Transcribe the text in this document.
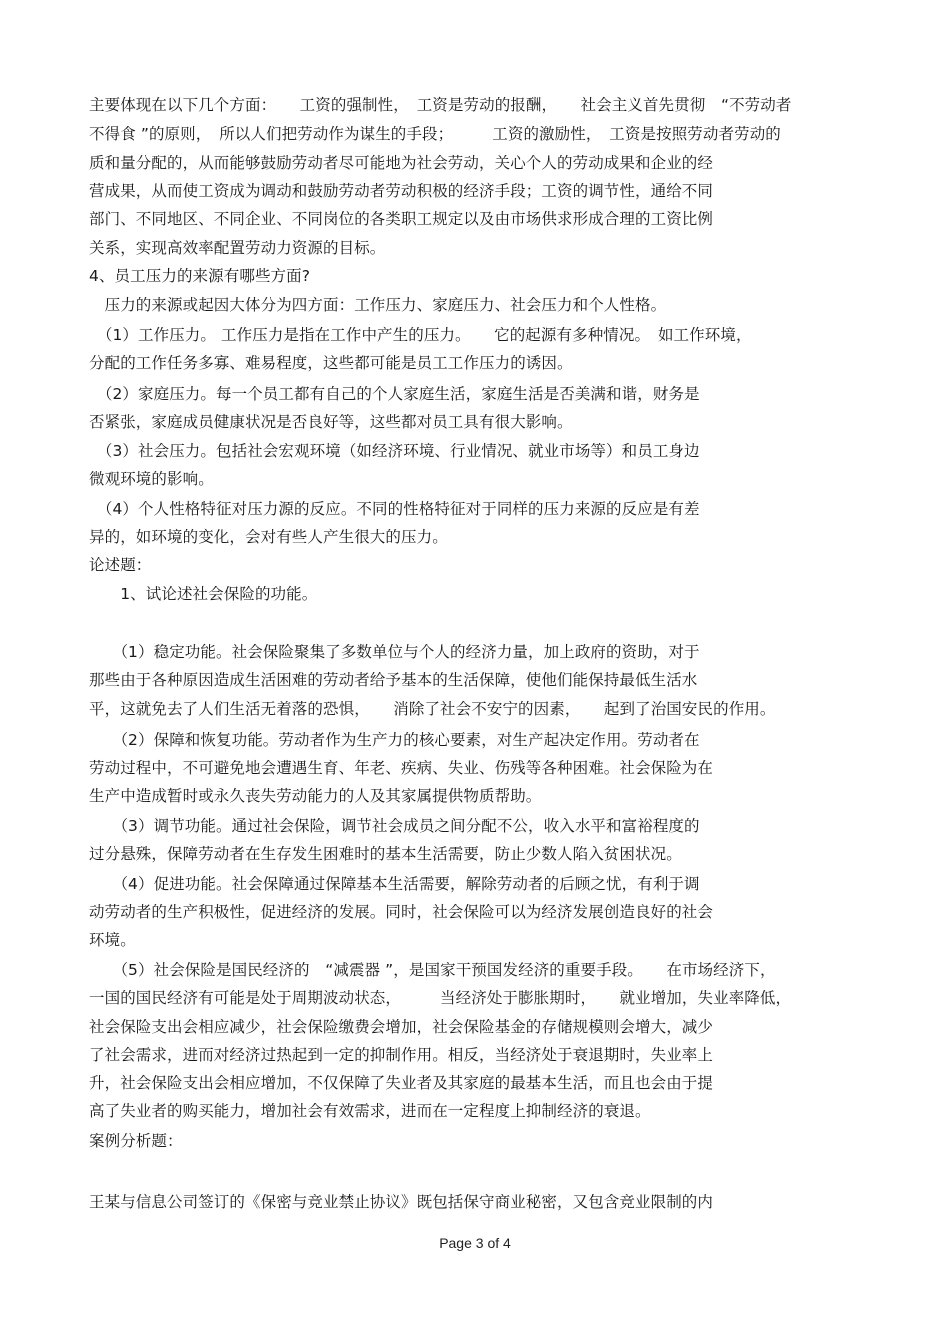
主要体现在以下几个方面：　　工资的强制性，　工资是劳动的报酬，　　社会主义首先贯彻　“不劳动者
不得食 ”的原则，　所以人们把劳动作为谋生的手段；　　　工资的激励性，　工资是按照劳动者劳动的
质和量分配的，从而能够鼓励劳动者尽可能地为社会劳动，关心个人的劳动成果和企业的经
营成果，从而使工资成为调动和鼓励劳动者劳动积极的经济手段；工资的调节性，通给不同
部门、不同地区、不同企业、不同岗位的各类职工规定以及由市场供求形成合理的工资比例
关系，实现高效率配置劳动力资源的目标。
4、员工压力的来源有哪些方面?
　压力的来源或起因大体分为四方面：工作压力、家庭压力、社会压力和个人性格。
　（1）工作压力。 工作压力是指在工作中产生的压力。　　它的起源有多种情况。　如工作环境，
分配的工作任务多寡、难易程度，这些都可能是员工工作压力的诱因。
　（2）家庭压力。每一个员工都有自己的个人家庭生活，家庭生活是否美满和谐，财务是
否紧张，家庭成员健康状况是否良好等，这些都对员工具有很大影响。
　（3）社会压力。包括社会宏观环境（如经济环境、行业情况、就业市场等）和员工身边
微观环境的影响。
　（4）个人性格特征对压力源的反应。不同的性格特征对于同样的压力来源的反应是有差
异的，如环境的变化，会对有些人产生很大的压力。
论述题：
　　1、试论述社会保险的功能。
　　（1）稳定功能。社会保险聚集了多数单位与个人的经济力量，加上政府的资助，对于
那些由于各种原因造成生活困难的劳动者给予基本的生活保障，使他们能保持最低生活水
平，这就免去了人们生活无着落的恐惧，　　消除了社会不安宁的因素，　　起到了治国安民的作用。
　　（2）保障和恢复功能。劳动者作为生产力的核心要素，对生产起决定作用。劳动者在
劳动过程中，不可避免地会遭遇生育、年老、疾病、失业、伤残等各种困难。社会保险为在
生产中造成暂时或永久丧失劳动能力的人及其家属提供物质帮助。
　　（3）调节功能。通过社会保险，调节社会成员之间分配不公，收入水平和富裕程度的
过分悬殊，保障劳动者在生存发生困难时的基本生活需要，防止少数人陷入贫困状况。
　　（4）促进功能。社会保障通过保障基本生活需要，解除劳动者的后顾之忧，有利于调
动劳动者的生产积极性，促进经济的发展。同时，社会保险可以为经济发展创造良好的社会
环境。
　　（5）社会保险是国民经济的　“减震器 ”，是国家干预国发经济的重要手段。　　在市场经济下，
一国的国民经济有可能是处于周期波动状态，　　　当经济处于膨胀期时，　　就业增加，失业率降低，
社会保险支出会相应减少，社会保险缴费会增加，社会保险基金的存储规模则会增大，减少
了社会需求，进而对经济过热起到一定的抑制作用。相反，当经济处于衰退期时，失业率上
升，社会保险支出会相应增加，不仅保障了失业者及其家庭的最基本生活，而且也会由于提
高了失业者的购买能力，增加社会有效需求，进而在一定程度上抑制经济的衰退。
案例分析题：
王某与信息公司签订的《保密与竞业禁止协议》既包括保守商业秘密，又包含竞业限制的内
Page 3 of 4
